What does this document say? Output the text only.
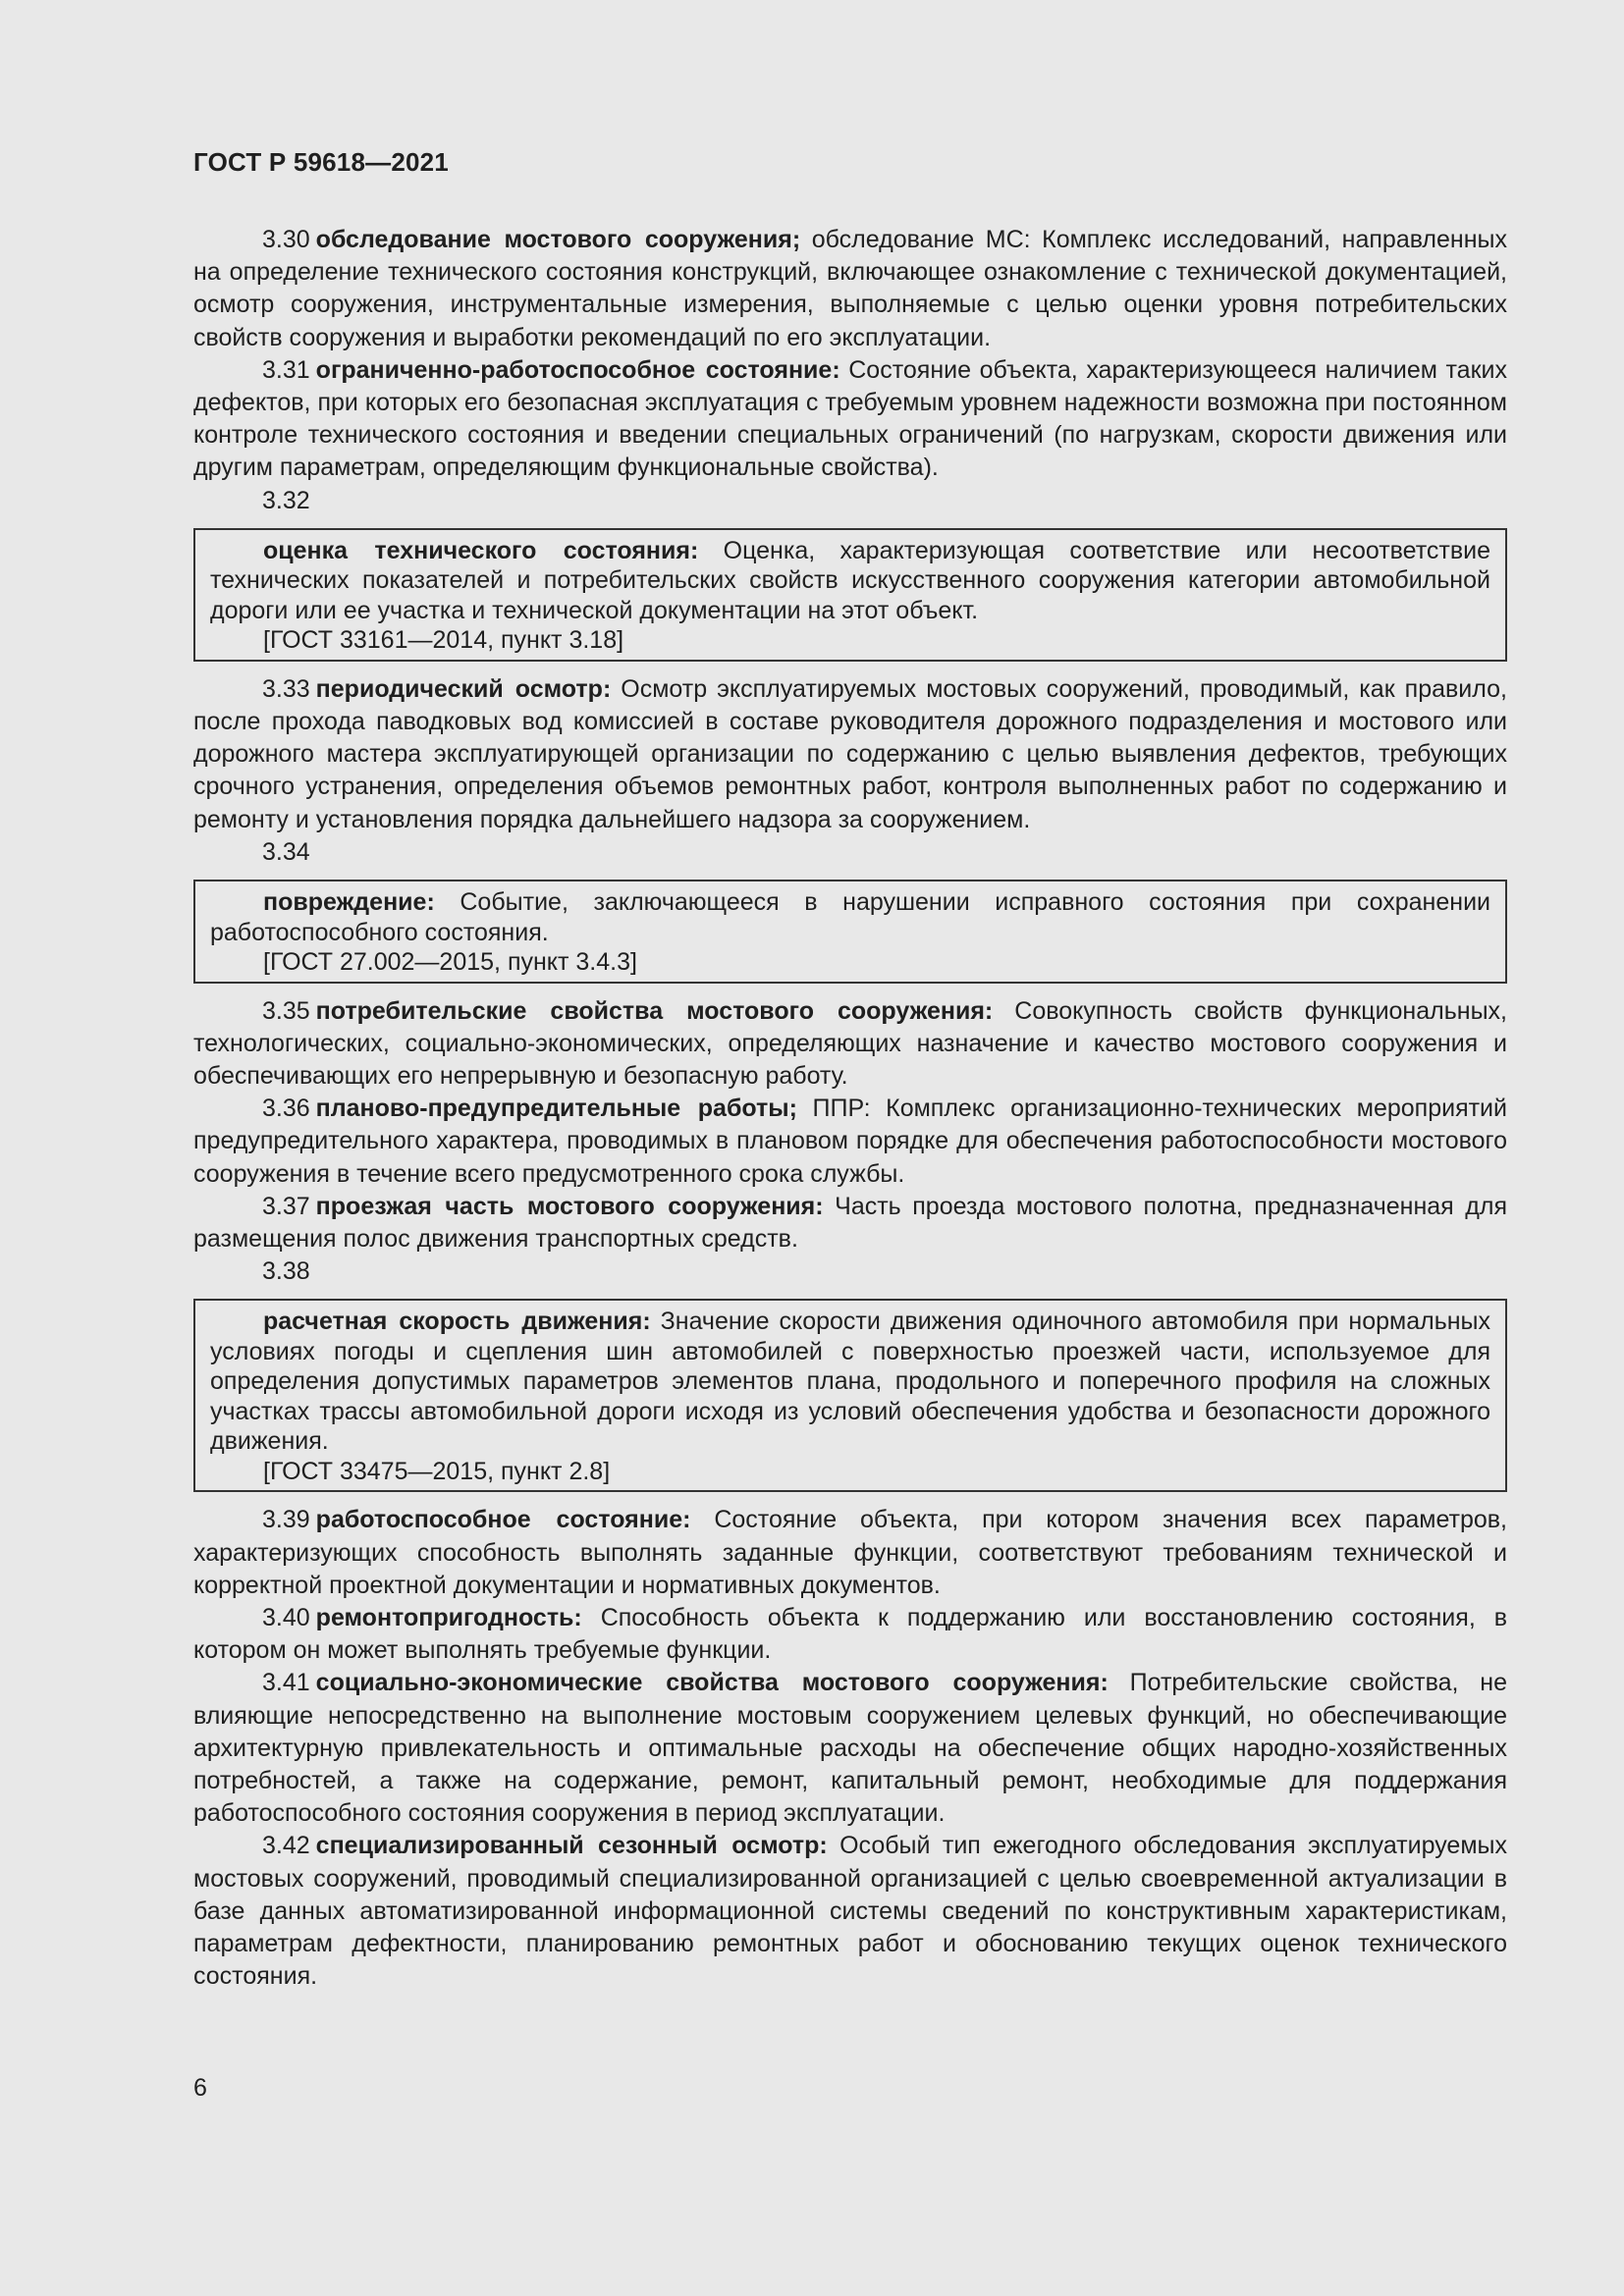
ГОСТ Р 59618—2021

3.30 обследование мостового сооружения; обследование МС: Комплекс исследований, направленных на определение технического состояния конструкций, включающее ознакомление с технической документацией, осмотр сооружения, инструментальные измерения, выполняемые с целью оценки уровня потребительских свойств сооружения и выработки рекомендаций по его эксплуатации.

3.31 ограниченно-работоспособное состояние: Состояние объекта, характеризующееся наличием таких дефектов, при которых его безопасная эксплуатация с требуемым уровнем надежности возможна при постоянном контроле технического состояния и введении специальных ограничений (по нагрузкам, скорости движения или другим параметрам, определяющим функциональные свойства).

3.32

оценка технического состояния: Оценка, характеризующая соответствие или несоответствие технических показателей и потребительских свойств искусственного сооружения категории автомобильной дороги или ее участка и технической документации на этот объект.

[ГОСТ 33161—2014, пункт 3.18]

3.33 периодический осмотр: Осмотр эксплуатируемых мостовых сооружений, проводимый, как правило, после прохода паводковых вод комиссией в составе руководителя дорожного подразделения и мостового или дорожного мастера эксплуатирующей организации по содержанию с целью выявления дефектов, требующих срочного устранения, определения объемов ремонтных работ, контроля выполненных работ по содержанию и ремонту и установления порядка дальнейшего надзора за сооружением.

3.34

повреждение: Событие, заключающееся в нарушении исправного состояния при сохранении работоспособного состояния.

[ГОСТ 27.002—2015, пункт 3.4.3]

3.35 потребительские свойства мостового сооружения: Совокупность свойств функциональных, технологических, социально-экономических, определяющих назначение и качество мостового сооружения и обеспечивающих его непрерывную и безопасную работу.

3.36 планово-предупредительные работы; ППР: Комплекс организационно-технических мероприятий предупредительного характера, проводимых в плановом порядке для обеспечения работоспособности мостового сооружения в течение всего предусмотренного срока службы.

3.37 проезжая часть мостового сооружения: Часть проезда мостового полотна, предназначенная для размещения полос движения транспортных средств.

3.38

расчетная скорость движения: Значение скорости движения одиночного автомобиля при нормальных условиях погоды и сцепления шин автомобилей с поверхностью проезжей части, используемое для определения допустимых параметров элементов плана, продольного и поперечного профиля на сложных участках трассы автомобильной дороги исходя из условий обеспечения удобства и безопасности дорожного движения.

[ГОСТ 33475—2015, пункт 2.8]

3.39 работоспособное состояние: Состояние объекта, при котором значения всех параметров, характеризующих способность выполнять заданные функции, соответствуют требованиям технической и корректной проектной документации и нормативных документов.

3.40 ремонтопригодность: Способность объекта к поддержанию или восстановлению состояния, в котором он может выполнять требуемые функции.

3.41 социально-экономические свойства мостового сооружения: Потребительские свойства, не влияющие непосредственно на выполнение мостовым сооружением целевых функций, но обеспечивающие архитектурную привлекательность и оптимальные расходы на обеспечение общих народно-хозяйственных потребностей, а также на содержание, ремонт, капитальный ремонт, необходимые для поддержания работоспособного состояния сооружения в период эксплуатации.

3.42 специализированный сезонный осмотр: Особый тип ежегодного обследования эксплуатируемых мостовых сооружений, проводимый специализированной организацией с целью своевременной актуализации в базе данных автоматизированной информационной системы сведений по конструктивным характеристикам, параметрам дефектности, планированию ремонтных работ и обоснованию текущих оценок технического состояния.

6
